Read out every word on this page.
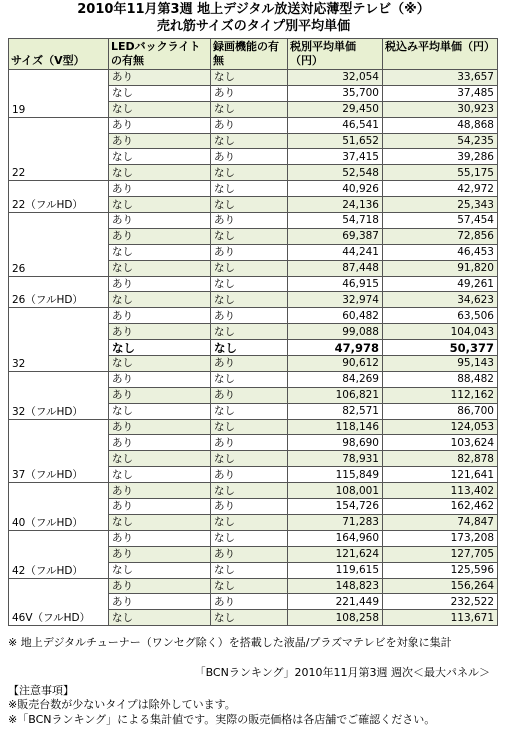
2010年11月第3週 地上デジタル放送対応薄型テレビ（※）
売れ筋サイズのタイプ別平均単価
サイズ（V型）	LEDバックライトの有無	録画機能の有無	税別平均単価（円）	税込み平均単価（円）
19	あり	なし	32,054	33,657
	なし	あり	35,700	37,485
	なし	なし	29,450	30,923
22	あり	あり	46,541	48,868
	あり	なし	51,652	54,235
	なし	あり	37,415	39,286
	なし	なし	52,548	55,175
22（フルHD）	あり	なし	40,926	42,972
	なし	なし	24,136	25,343
26	あり	あり	54,718	57,454
	あり	なし	69,387	72,856
	なし	あり	44,241	46,453
	なし	なし	87,448	91,820
26（フルHD）	あり	なし	46,915	49,261
	なし	なし	32,974	34,623
32	あり	あり	60,482	63,506
	あり	なし	99,088	104,043
	なし	なし	47,978	50,377
	なし	あり	90,612	95,143
32（フルHD）	あり	なし	84,269	88,482
	あり	あり	106,821	112,162
	なし	なし	82,571	86,700
37（フルHD）	あり	なし	118,146	124,053
	あり	あり	98,690	103,624
	なし	なし	78,931	82,878
	なし	あり	115,849	121,641
40（フルHD）	あり	なし	108,001	113,402
	あり	あり	154,726	162,462
	なし	なし	71,283	74,847
42（フルHD）	あり	なし	164,960	173,208
	あり	あり	121,624	127,705
	なし	なし	119,615	125,596
46V（フルHD）	あり	なし	148,823	156,264
	あり	あり	221,449	232,522
	なし	なし	108,258	113,671
※ 地上デジタルチューナー（ワンセグ除く）を搭載した液晶/プラズマテレビを対象に集計
「BCNランキング」2010年11月第3週 週次＜最大パネル＞
【注意事項】
※販売台数が少ないタイプは除外しています。
※「BCNランキング」による集計値です。実際の販売価格は各店舗でご確認ください。
